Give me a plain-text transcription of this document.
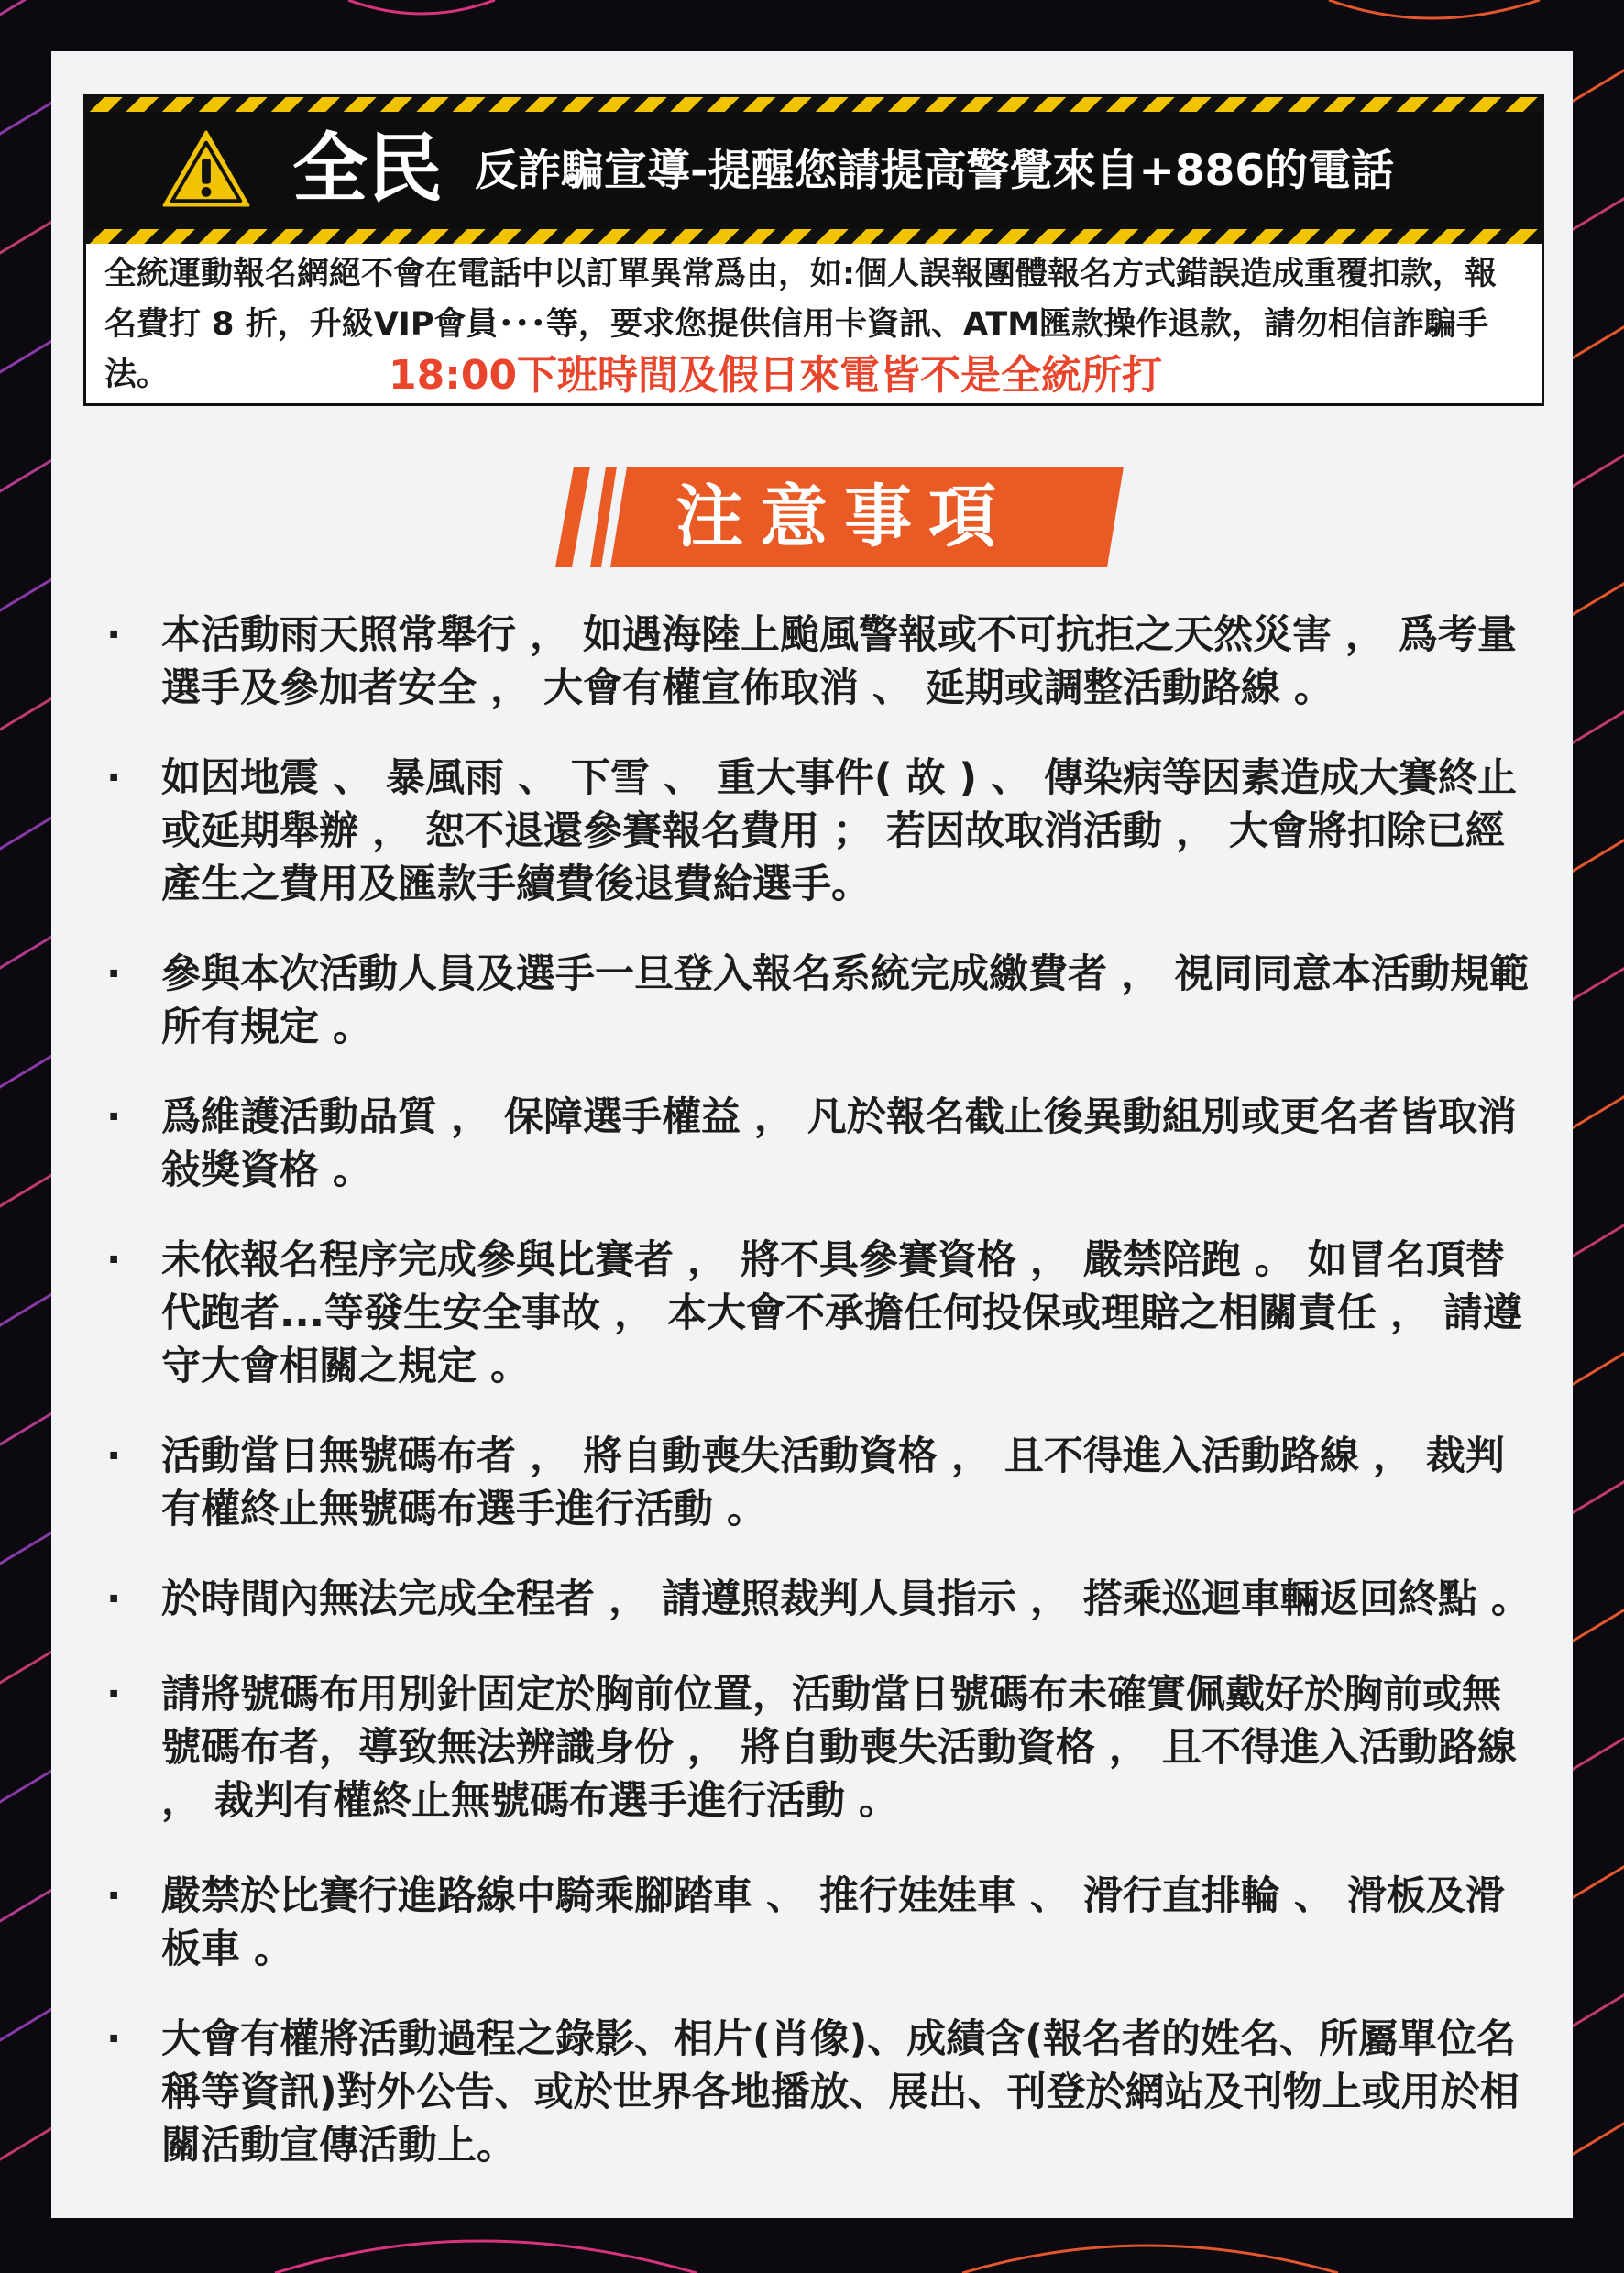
全民 反詐騙宣導-提醒您請提高警覺來自+886的電話
全統運動報名網絕不會在電話中以訂單異常爲由，如:個人誤報團體報名方式錯誤造成重覆扣款，報名費打 8 折，升級VIP會員･･･等，要求您提供信用卡資訊、ATM匯款操作退款，請勿相信詐騙手法。	18:00下班時間及假日來電皆不是全統所打
注意事項
·	本活動雨天照常舉行 ， 如遇海陸上颱風警報或不可抗拒之天然災害 ， 爲考量選手及參加者安全 ， 大會有權宣佈取消 、 延期或調整活動路線 。
·	如因地震 、 暴風雨 、 下雪 、 重大事件( 故 ) 、 傳染病等因素造成大賽終止或延期舉辦 ， 恕不退還參賽報名費用 ； 若因故取消活動 ， 大會將扣除已經產生之費用及匯款手續費後退費給選手。
·	參與本次活動人員及選手一旦登入報名系統完成繳費者 ， 視同同意本活動規範所有規定 。
·	爲維護活動品質 ， 保障選手權益 ， 凡於報名截止後異動組別或更名者皆取消敍獎資格 。
·	未依報名程序完成參與比賽者 ， 將不具參賽資格 ， 嚴禁陪跑 。 如冒名頂替代跑者...等發生安全事故 ， 本大會不承擔任何投保或理賠之相關責任 ， 請遵守大會相關之規定 。
·	活動當日無號碼布者 ， 將自動喪失活動資格 ， 且不得進入活動路線 ， 裁判有權終止無號碼布選手進行活動 。
·	於時間內無法完成全程者 ， 請遵照裁判人員指示 ， 搭乘巡迴車輛返回終點 。
·	請將號碼布用別針固定於胸前位置，活動當日號碼布未確實佩戴好於胸前或無號碼布者，導致無法辨識身份 ， 將自動喪失活動資格 ， 且不得進入活動路線 ， 裁判有權終止無號碼布選手進行活動 。
·	嚴禁於比賽行進路線中騎乘腳踏車 、 推行娃娃車 、 滑行直排輪 、 滑板及滑板車 。
·	大會有權將活動過程之錄影、相片(肖像)、成績含(報名者的姓名、所屬單位名稱等資訊)對外公告、或於世界各地播放、展出、刊登於網站及刊物上或用於相關活動宣傳活動上。
